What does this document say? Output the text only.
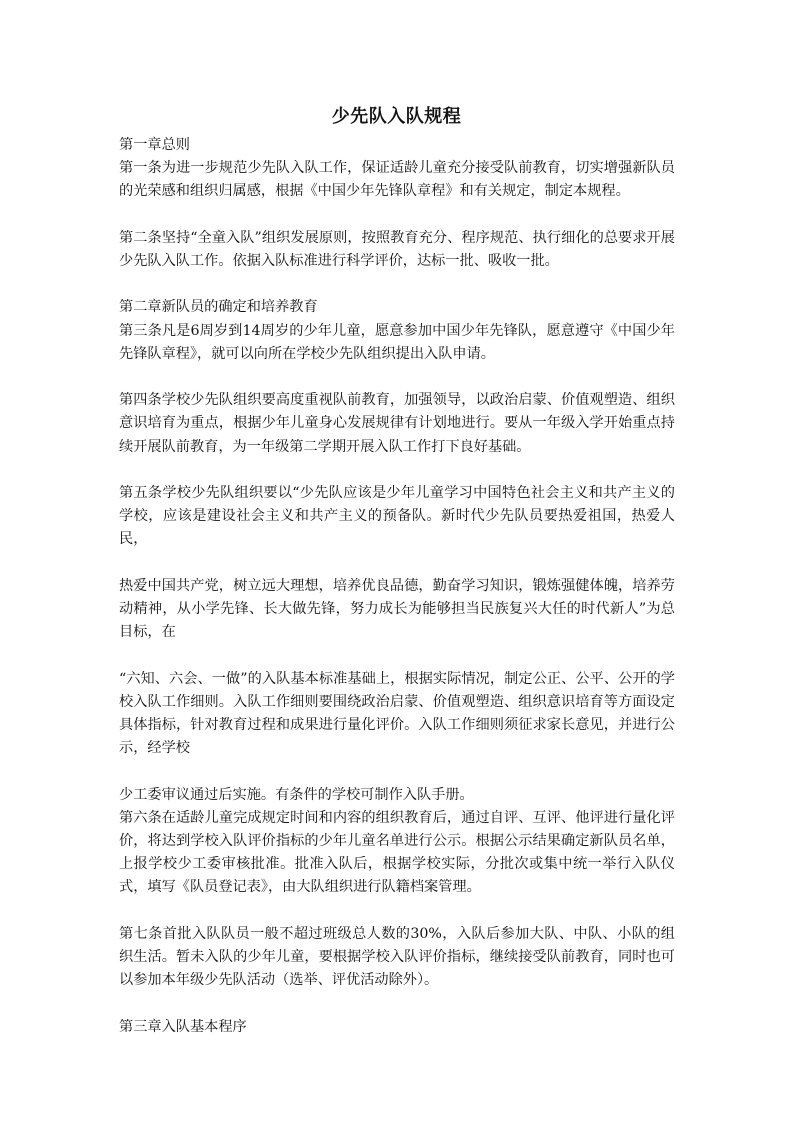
少先队入队规程

第一章总则

第一条为进一步规范少先队入队工作，保证适龄儿童充分接受队前教育，切实增强新队员的光荣感和组织归属感，根据《中国少年先锋队章程》和有关规定，制定本规程。

第二条坚持“全童入队”组织发展原则，按照教育充分、程序规范、执行细化的总要求开展少先队入队工作。依据入队标准进行科学评价，达标一批、吸收一批。

第二章新队员的确定和培养教育

第三条凡是6周岁到14周岁的少年儿童，愿意参加中国少年先锋队，愿意遵守《中国少年先锋队章程》，就可以向所在学校少先队组织提出入队申请。

第四条学校少先队组织要高度重视队前教育，加强领导，以政治启蒙、价值观塑造、组织意识培育为重点，根据少年儿童身心发展规律有计划地进行。要从一年级入学开始重点持续开展队前教育，为一年级第二学期开展入队工作打下良好基础。

第五条学校少先队组织要以“少先队应该是少年儿童学习中国特色社会主义和共产主义的学校，应该是建设社会主义和共产主义的预备队。新时代少先队员要热爱祖国，热爱人民，

热爱中国共产党，树立远大理想，培养优良品德，勤奋学习知识，锻炼强健体魄，培养劳动精神，从小学先锋、长大做先锋，努力成长为能够担当民族复兴大任的时代新人”为总目标，在

“六知、六会、一做”的入队基本标准基础上，根据实际情况，制定公正、公平、公开的学校入队工作细则。入队工作细则要围绕政治启蒙、价值观塑造、组织意识培育等方面设定具体指标，针对教育过程和成果进行量化评价。入队工作细则须征求家长意见，并进行公示，经学校

少工委审议通过后实施。有条件的学校可制作入队手册。

第六条在适龄儿童完成规定时间和内容的组织教育后，通过自评、互评、他评进行量化评价，将达到学校入队评价指标的少年儿童名单进行公示。根据公示结果确定新队员名单，上报学校少工委审核批准。批准入队后，根据学校实际，分批次或集中统一举行入队仪式，填写《队员登记表》，由大队组织进行队籍档案管理。

第七条首批入队队员一般不超过班级总人数的30%，入队后参加大队、中队、小队的组织生活。暂未入队的少年儿童，要根据学校入队评价指标，继续接受队前教育，同时也可以参加本年级少先队活动（选举、评优活动除外）。

第三章入队基本程序
